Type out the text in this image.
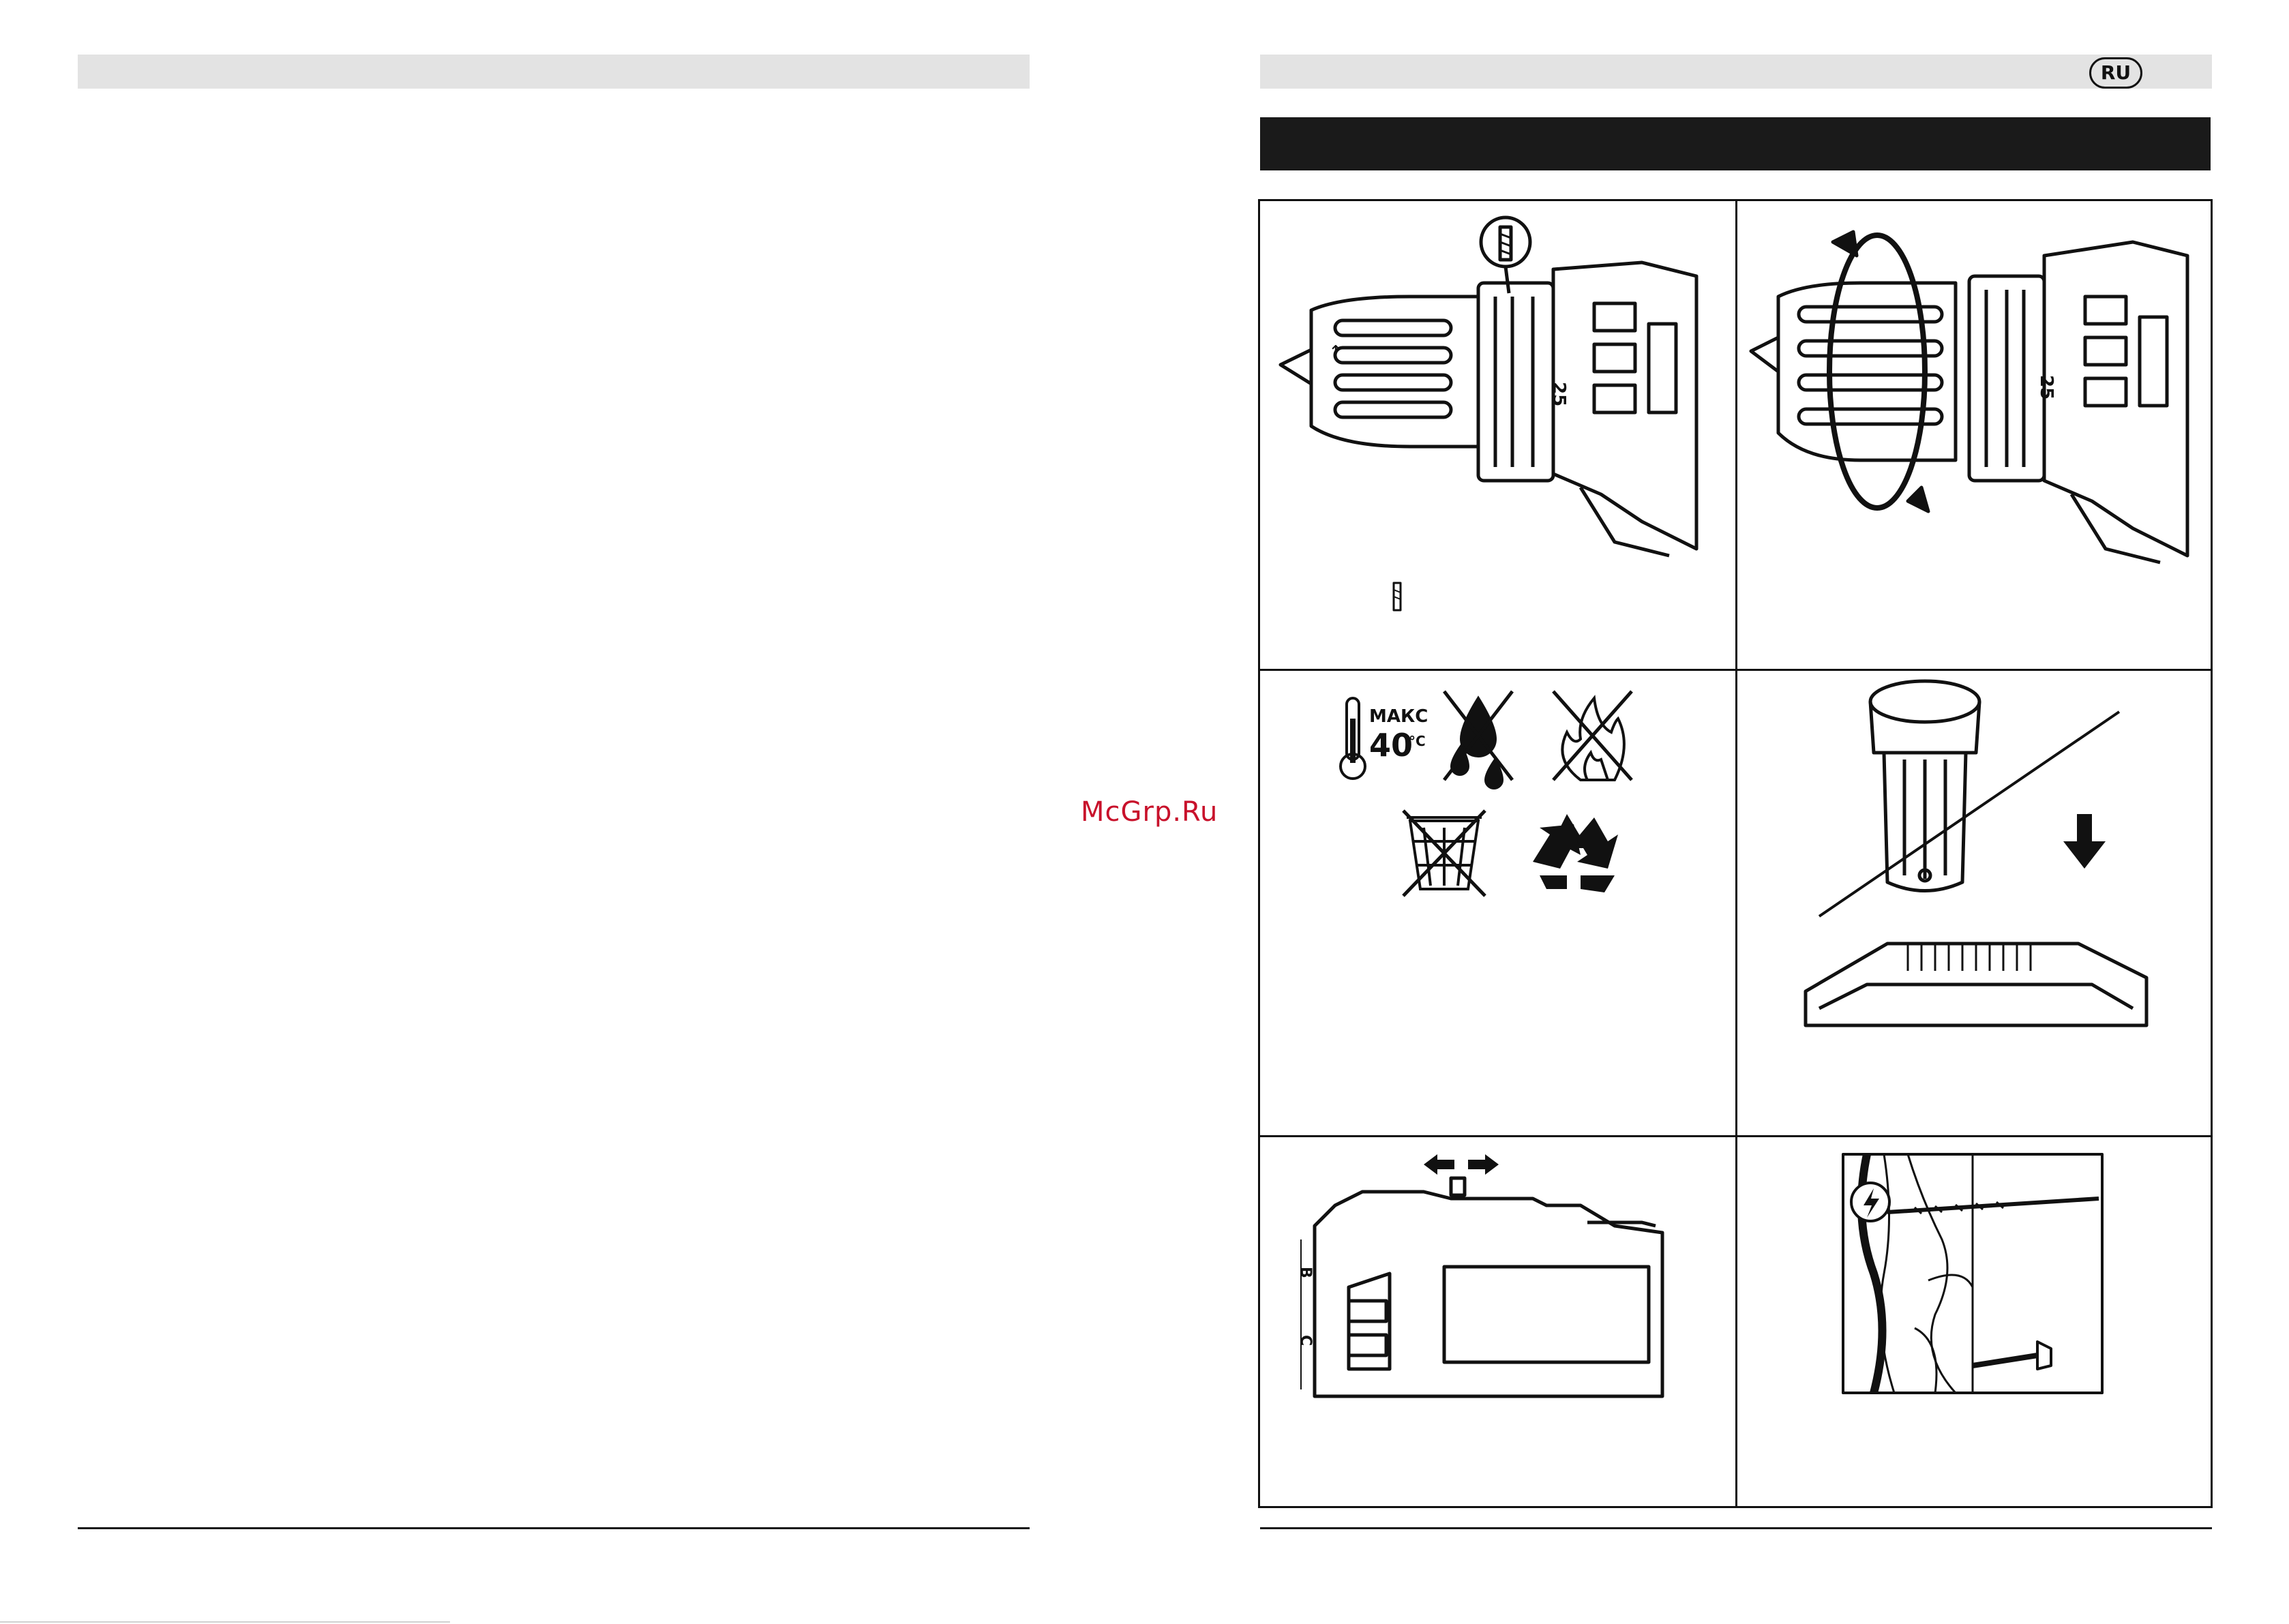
McGrp.Ru
RU
25
↑
25
МАКС
40
°C
B
C
